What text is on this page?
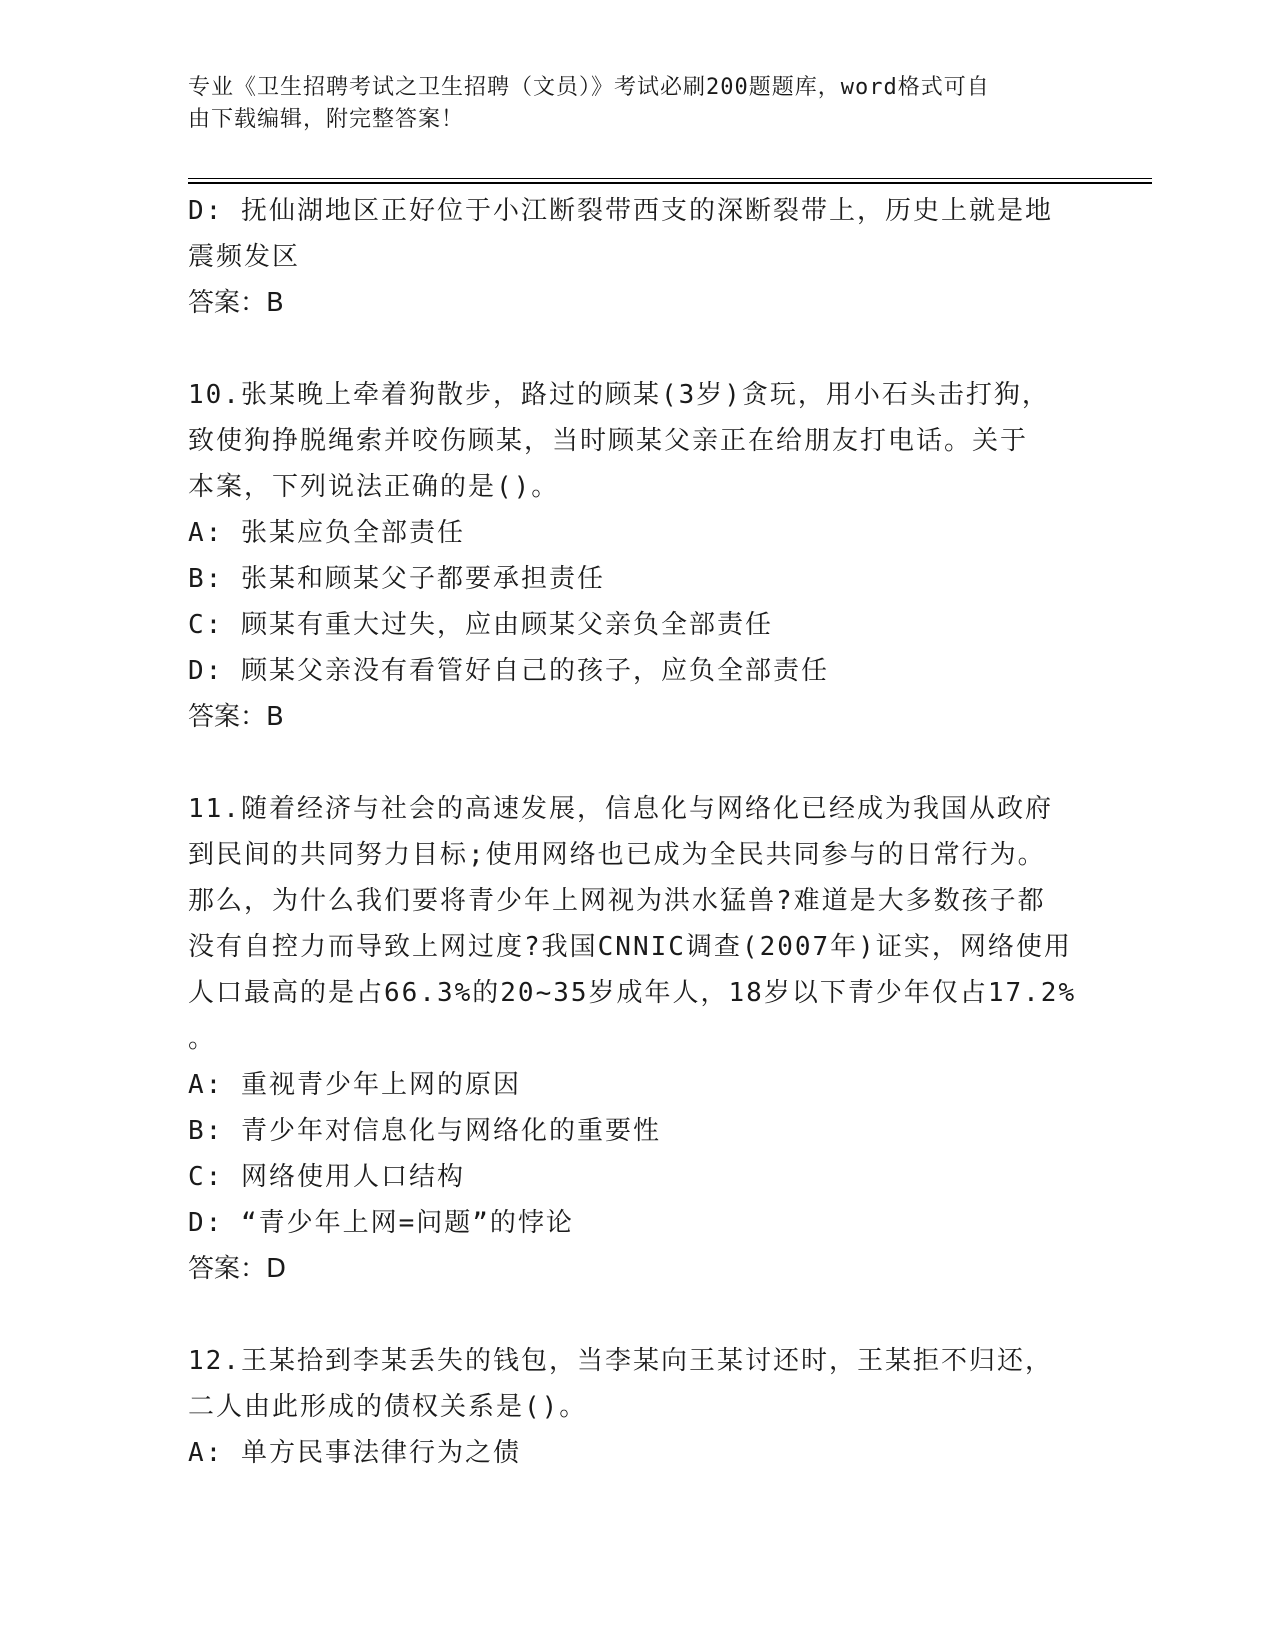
专业《卫生招聘考试之卫生招聘（文员）》考试必刷200题题库，word格式可自
由下载编辑，附完整答案！

D: 抚仙湖地区正好位于小江断裂带西支的深断裂带上，历史上就是地

震频发区

答案：B

10.张某晚上牵着狗散步，路过的顾某(3岁)贪玩，用小石头击打狗，

致使狗挣脱绳索并咬伤顾某，当时顾某父亲正在给朋友打电话。关于

本案，下列说法正确的是()。

A: 张某应负全部责任

B: 张某和顾某父子都要承担责任

C: 顾某有重大过失，应由顾某父亲负全部责任

D: 顾某父亲没有看管好自己的孩子，应负全部责任

答案：B

11.随着经济与社会的高速发展，信息化与网络化已经成为我国从政府

到民间的共同努力目标;使用网络也已成为全民共同参与的日常行为。

那么，为什么我们要将青少年上网视为洪水猛兽?难道是大多数孩子都

没有自控力而导致上网过度?我国CNNIC调查(2007年)证实，网络使用

人口最高的是占66.3%的20~35岁成年人，18岁以下青少年仅占17.2%

。

A: 重视青少年上网的原因

B: 青少年对信息化与网络化的重要性

C: 网络使用人口结构

D: “青少年上网=问题”的悖论

答案：D

12.王某拾到李某丢失的钱包，当李某向王某讨还时，王某拒不归还，

二人由此形成的债权关系是()。

A: 单方民事法律行为之债
